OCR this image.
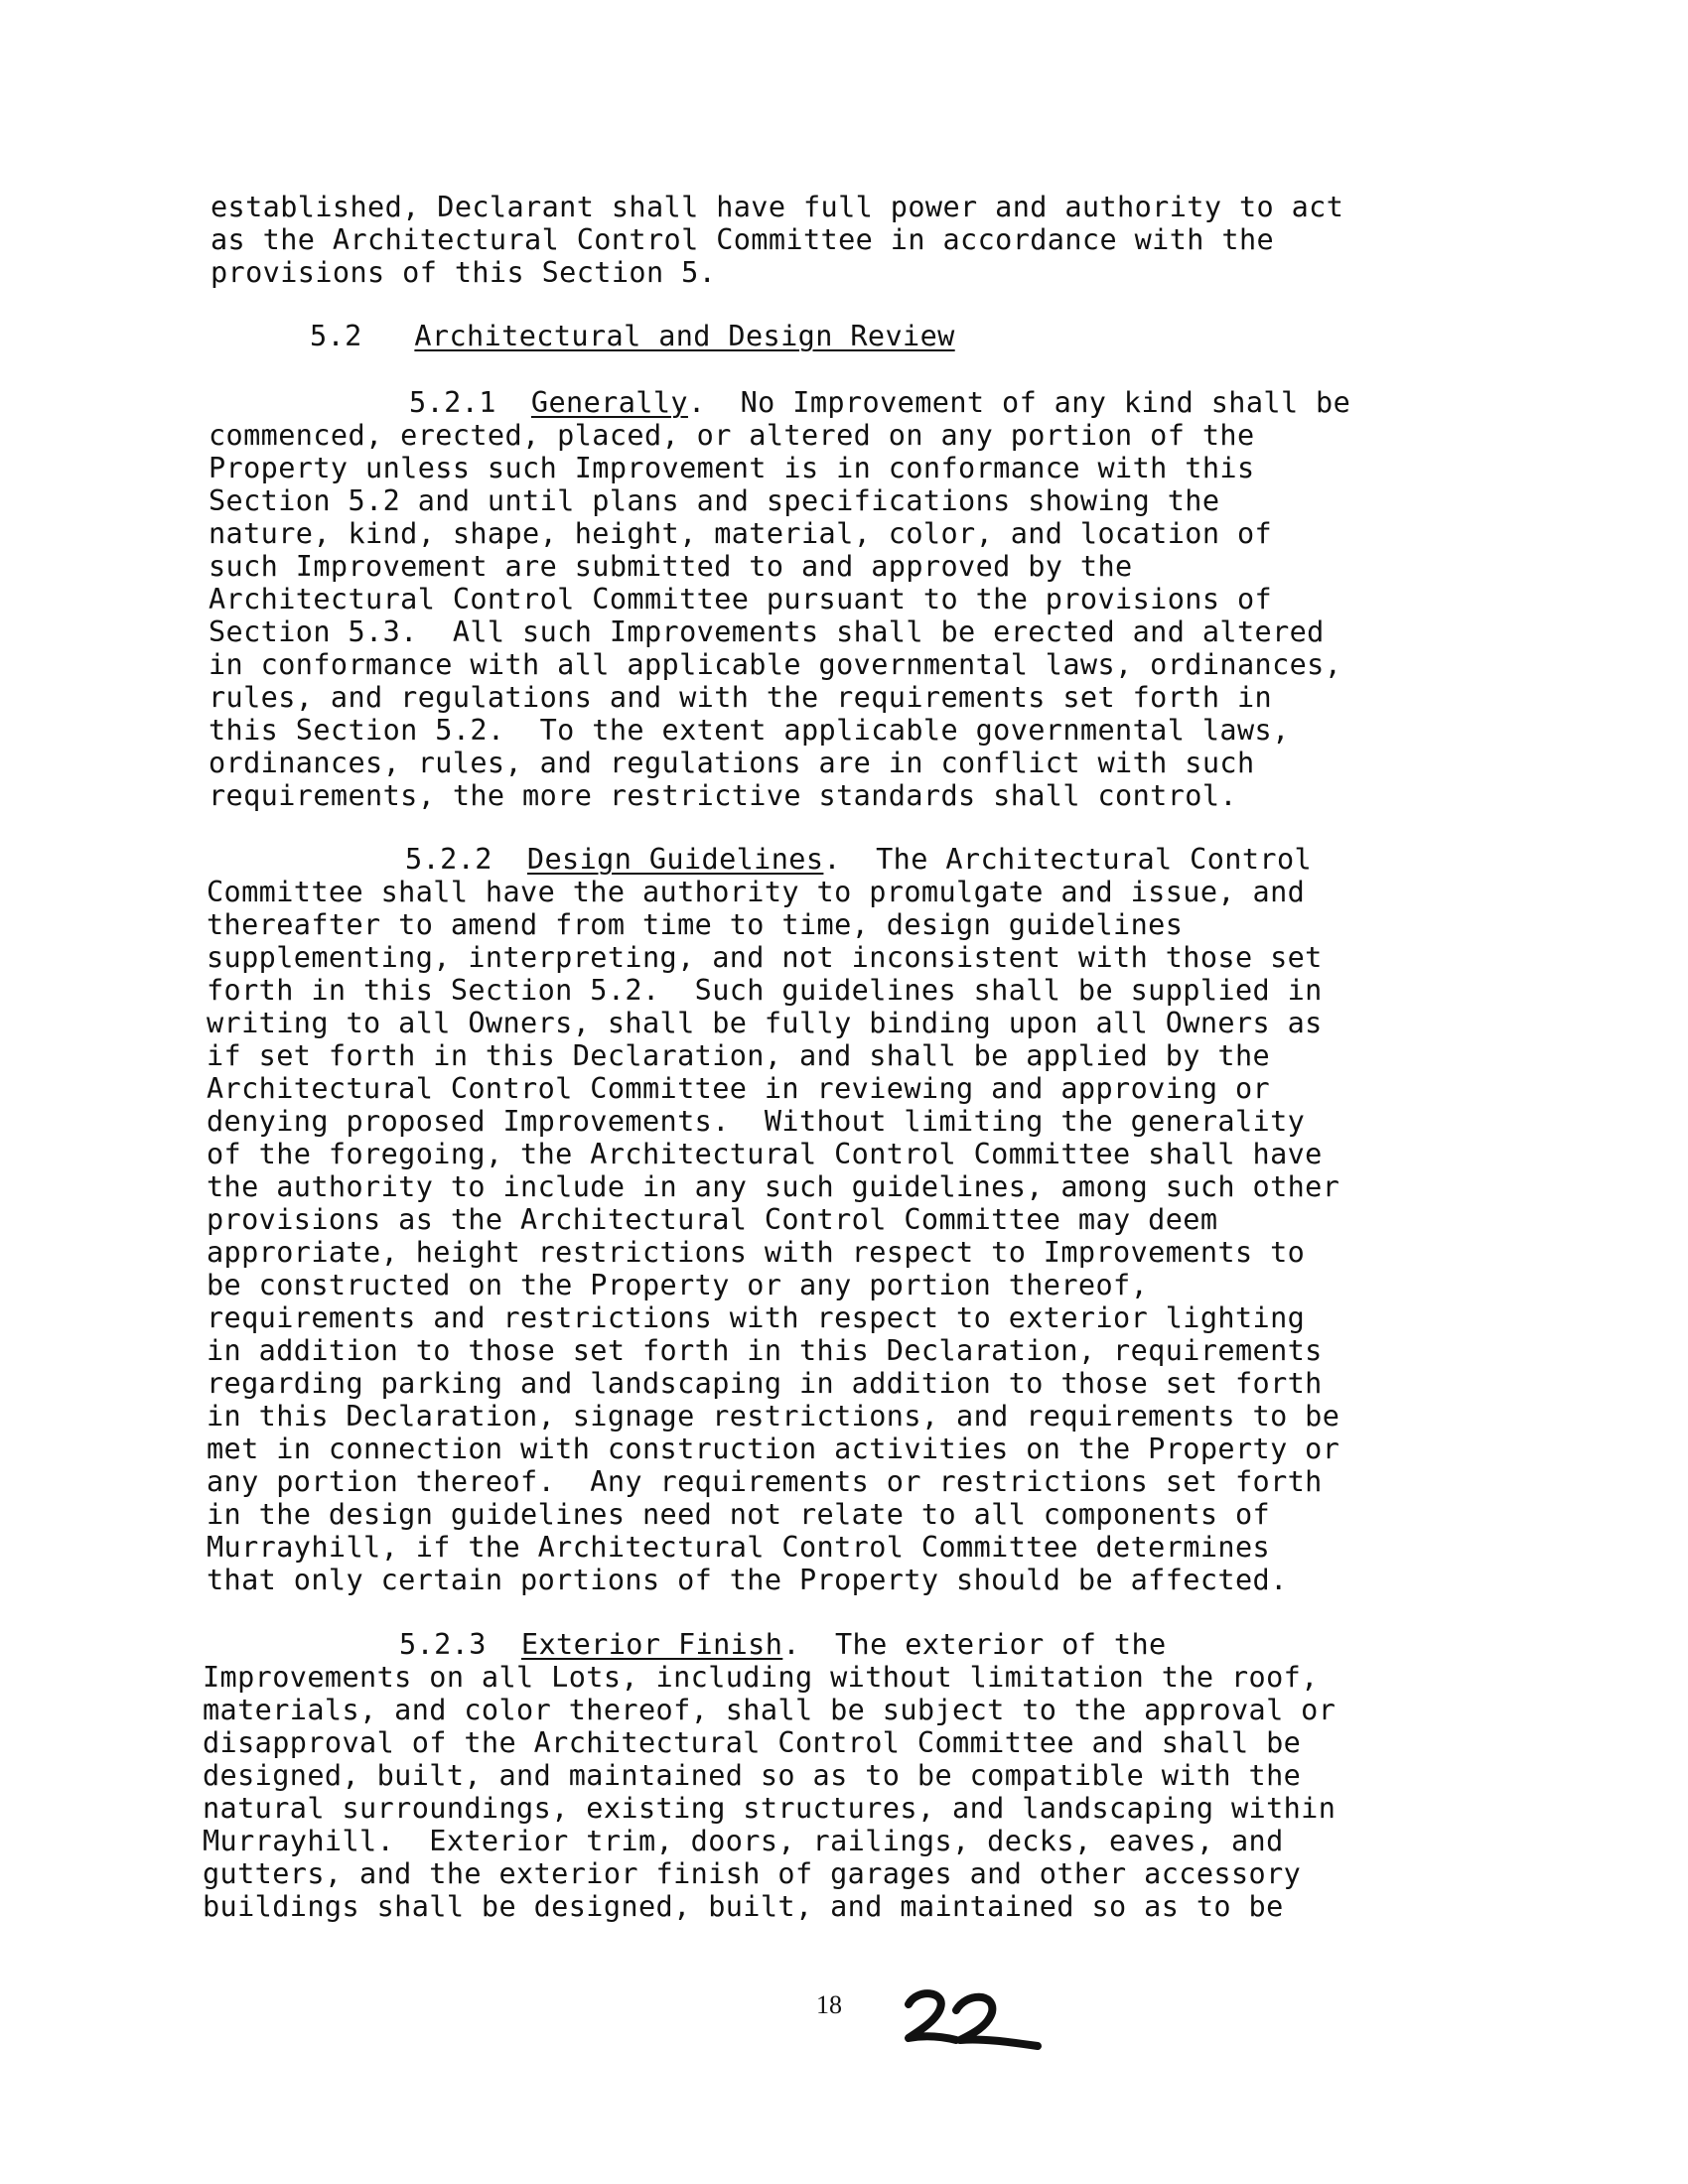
established, Declarant shall have full power and authority to act
as the Architectural Control Committee in accordance with the
provisions of this Section 5.
5.2 Architectural and Design Review
5.2.1 Generally.  No Improvement of any kind shall be
commenced, erected, placed, or altered on any portion of the
Property unless such Improvement is in conformance with this
Section 5.2 and until plans and specifications showing the
nature, kind, shape, height, material, color, and location of
such Improvement are submitted to and approved by the
Architectural Control Committee pursuant to the provisions of
Section 5.3.  All such Improvements shall be erected and altered
in conformance with all applicable governmental laws, ordinances,
rules, and regulations and with the requirements set forth in
this Section 5.2.  To the extent applicable governmental laws,
ordinances, rules, and regulations are in conflict with such
requirements, the more restrictive standards shall control.
5.2.2 Design Guidelines.  The Architectural Control
Committee shall have the authority to promulgate and issue, and
thereafter to amend from time to time, design guidelines
supplementing, interpreting, and not inconsistent with those set
forth in this Section 5.2.  Such guidelines shall be supplied in
writing to all Owners, shall be fully binding upon all Owners as
if set forth in this Declaration, and shall be applied by the
Architectural Control Committee in reviewing and approving or
denying proposed Improvements.  Without limiting the generality
of the foregoing, the Architectural Control Committee shall have
the authority to include in any such guidelines, among such other
provisions as the Architectural Control Committee may deem
approriate, height restrictions with respect to Improvements to
be constructed on the Property or any portion thereof,
requirements and restrictions with respect to exterior lighting
in addition to those set forth in this Declaration, requirements
regarding parking and landscaping in addition to those set forth
in this Declaration, signage restrictions, and requirements to be
met in connection with construction activities on the Property or
any portion thereof.  Any requirements or restrictions set forth
in the design guidelines need not relate to all components of
Murrayhill, if the Architectural Control Committee determines
that only certain portions of the Property should be affected.
5.2.3 Exterior Finish.  The exterior of the
Improvements on all Lots, including without limitation the roof,
materials, and color thereof, shall be subject to the approval or
disapproval of the Architectural Control Committee and shall be
designed, built, and maintained so as to be compatible with the
natural surroundings, existing structures, and landscaping within
Murrayhill.  Exterior trim, doors, railings, decks, eaves, and
gutters, and the exterior finish of garages and other accessory
buildings shall be designed, built, and maintained so as to be
18
